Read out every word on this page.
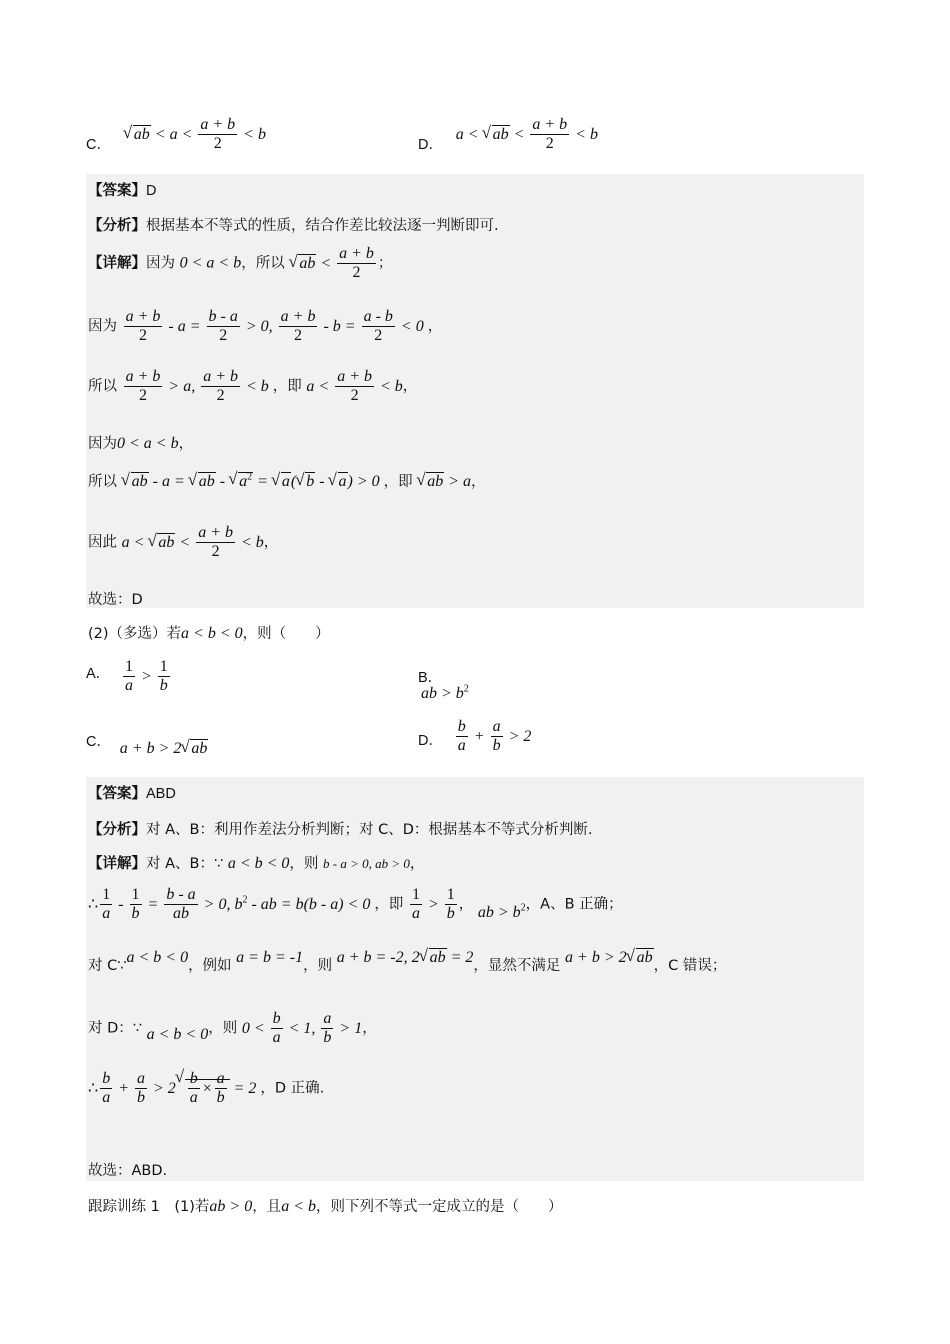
C． √ ab < $a < \frac{a + b}{2} < b$
D． a < √ ab < $\frac{a + b}{2} < b$
【答案】D
【分析】根据基本不等式的性质，结合作差比较法逐一判断即可.
【详解】因为 0 < a < b，所以 √ ab < $\frac{a + b}{2}$ ；
因为 $\frac{a + b}{2} - a = \frac{b - a}{2} > 0$, $\frac{a + b}{2} - b = \frac{a - b}{2} < 0$ ，
所以 $\frac{a + b}{2} > a$, $\frac{a + b}{2} < b$ ，即 $a < \frac{a + b}{2} < b$，
因为0 < a < b，
所以 √ ab - a = √ ab - √ $a^2$ = √ a( √ b - √ a) > 0 ，即 √ ab > a，
因此 a < √ ab < $\frac{a + b}{2} < b$，
故选：D
(2)（多选）若a < b < 0，则（　　）
A． $\frac{1}{a} > \frac{1}{b}$	B． ab > $b^2$
C． a + b > 2 √ ab	D． $\frac{b}{a} + \frac{a}{b} > 2$
【答案】ABD
【分析】对 A、B：利用作差法分析判断；对 C、D：根据基本不等式分析判断.
【详解】对 A、B：∵ a < b < 0，则 b - a > 0, ab > 0，
∴ $\frac{1}{a} - \frac{1}{b} = \frac{b - a}{ab} > 0$, $b^2$ - ab = b(b - a) < 0 ，即 $\frac{1}{a} > \frac{1}{b}$ ， ab > $b^2$，A、B 正确；
对 C∵a < b < 0，例如 a = b = -1，则 a + b = -2, 2 √ ab = 2，显然不满足 a + b > 2 √ ab，C 错误；
对 D：∵ a < b < 0，则 $0 < \frac{b}{a} < 1$, $\frac{a}{b} > 1$，
∴ $\frac{b}{a} + \frac{a}{b} > 2$ √ $\frac{b}{a} \times \frac{a}{b} = 2$ ，D 正确.
故选：ABD.
跟踪训练 1　 (1)若ab > 0，且a < b，则下列不等式一定成立的是（　　）
